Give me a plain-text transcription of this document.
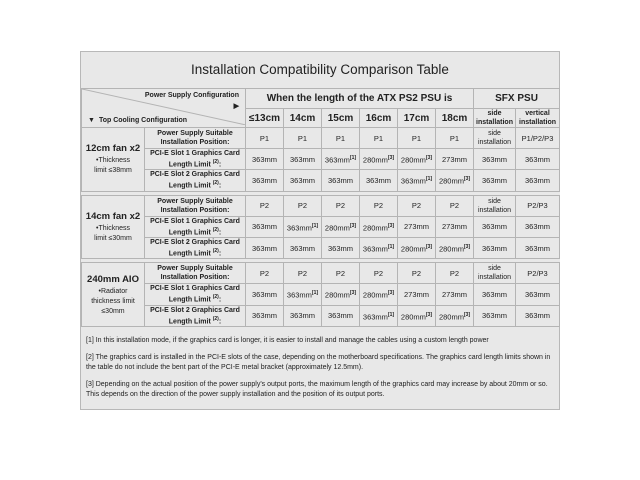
Installation Compatibility Comparison Table
Power Supply Configuration
▶
▼ Top Cooling Configuration		When the length of the ATX PS2 PSU is						SFX PSU	
		≤13cm	14cm	15cm	16cm	17cm	18cm	side installation	vertical installation

12cm fan x2
•Thickness
limit ≤38mm	Power Supply Suitable Installation Position:	P1	P1	P1	P1	P1	P1	side installation	P1/P2/P3

	PCI-E Slot 1 Graphics Card
Length Limit $^{(2)}$:	363mm	363mm	363mm[1]	280mm[3]	280mm[3]	273mm	363mm	363mm

	PCI-E Slot 2 Graphics Card
Length Limit $^{(2)}$:	363mm	363mm	363mm	363mm	363mm[1]	280mm[3]	363mm	363mm

14cm fan x2
•Thickness
limit ≤30mm	Power Supply Suitable Installation Position:	P2	P2	P2	P2	P2	P2	side installation	P2/P3

	PCI-E Slot 1 Graphics Card
Length Limit $^{(2)}$:	363mm	363mm[1]	280mm[3]	280mm[3]	273mm	273mm	363mm	363mm

	PCI-E Slot 2 Graphics Card
Length Limit $^{(2)}$:	363mm	363mm	363mm	363mm[1]	280mm[3]	280mm[3]	363mm	363mm

240mm AIO
•Radiator
thickness limit
≤30mm	Power Supply Suitable Installation Position:	P2	P2	P2	P2	P2	P2	side installation	P2/P3

	PCI-E Slot 1 Graphics Card
Length Limit $^{(2)}$:	363mm	363mm[1]	280mm[3]	280mm[3]	273mm	273mm	363mm	363mm

	PCI-E Slot 2 Graphics Card
Length Limit $^{(2)}$:	363mm	363mm	363mm	363mm[1]	280mm[3]	280mm[3]	363mm	363mm

[1] In this installation mode, if the graphics card is longer, it is easier to install and manage the cables using a custom length power

[2] The graphics card is installed in the PCI-E slots of the case, depending on the motherboard specifications. The graphics card length limits shown in the table do not include the bent part of the PCI-E metal bracket (approximately 12.5mm).

[3] Depending on the actual position of the power supply's output ports, the maximum length of the graphics card may increase by about 20mm or so. This depends on the direction of the power supply installation and the position of its output ports.
